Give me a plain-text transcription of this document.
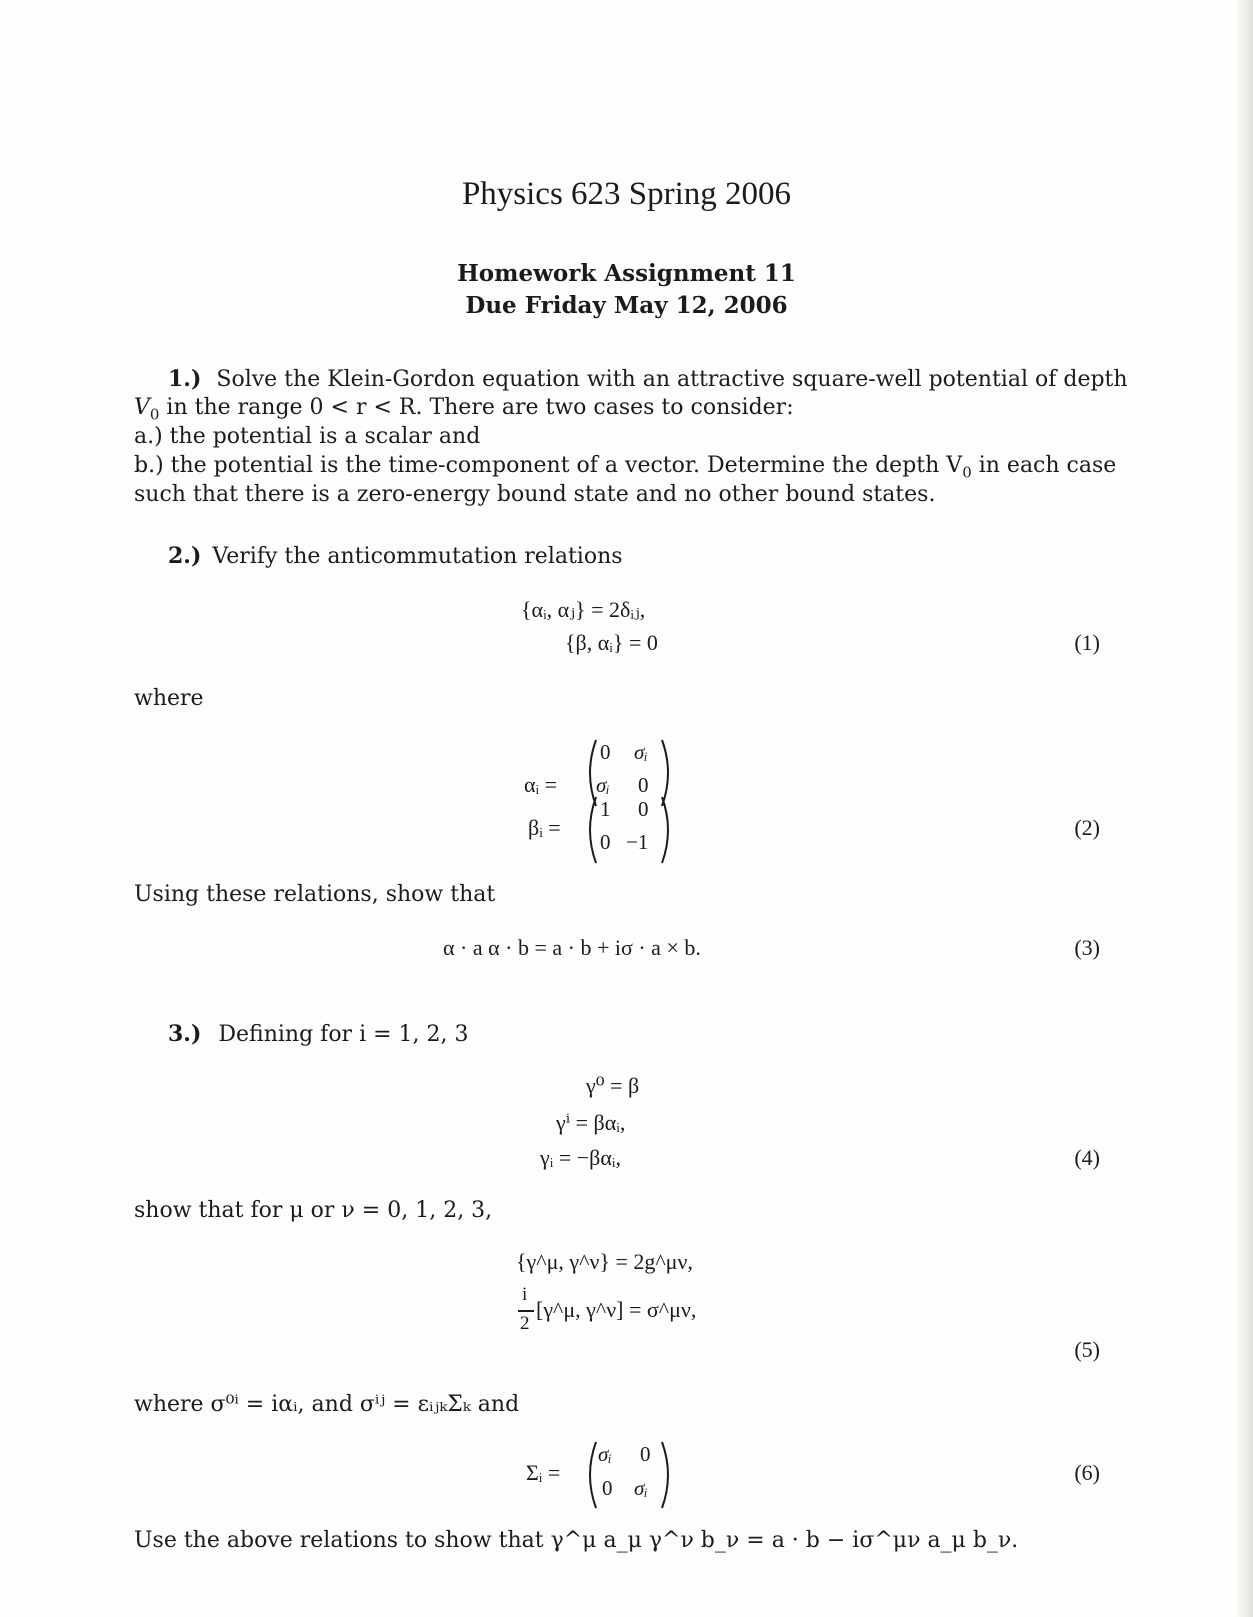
Physics 623 Spring 2006
Homework Assignment 11
Due Friday May 12, 2006
1.) Solve the Klein-Gordon equation with an attractive square-well potential of depth
$V_0$ in the range 0 < r < R. There are two cases to consider:
a.) the potential is a scalar and
b.) the potential is the time-component of a vector. Determine the depth $V_0$ in each case
such that there is a zero-energy bound state and no other bound states.
2.) Verify the anticommutation relations
{αᵢ, αⱼ} = 2δᵢⱼ,
{β, αᵢ} = 0	(1)
where
αᵢ =
0 σᵢ
σᵢ 0
βᵢ =
1 0
0 −1
(2)
Using these relations, show that
α · a α · b = a · b + iσ · a × b.	(3)
3.) Defining for i = 1, 2, 3
γ⁰ = β
γⁱ = βαᵢ,
γᵢ = −βαᵢ,	(4)
show that for μ or ν = 0, 1, 2, 3,
{γ^μ, γ^ν} = 2g^μν,
i
2
[γ^μ, γ^ν] = σ^μν,
(5)
where σ⁰ⁱ = iαᵢ, and σⁱʲ = εᵢⱼₖΣₖ and
Σᵢ =
σᵢ 0
0 σᵢ
(6)
Use the above relations to show that γ^μ a_μ γ^ν b_ν = a · b − iσ^μν a_μ b_ν.
